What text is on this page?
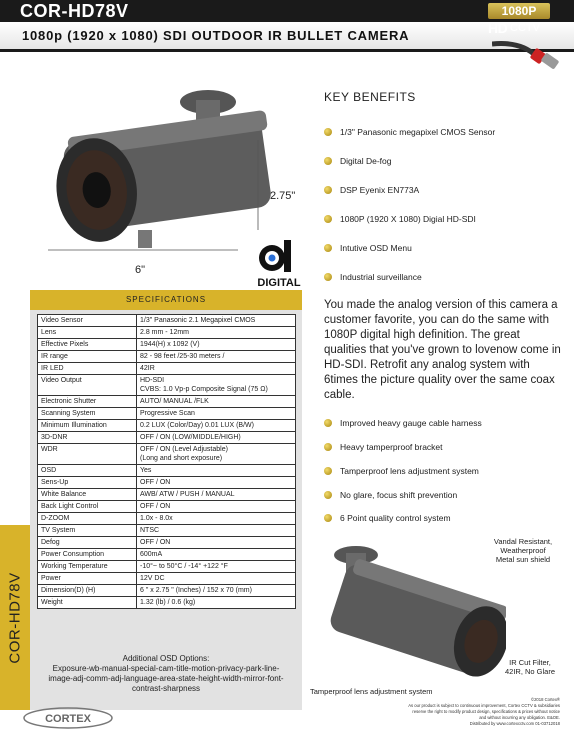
COR-HD78V
1080p (1920 x 1080) SDI OUTDOOR IR BULLET CAMERA
1080P
HD CCTV
2.75"
6"
DIGITAL
SPECIFICATIONS
Video Sensor	1/3" Panasonic 2.1 Megapixel CMOS
Lens	2.8 mm - 12mm
Effective Pixels	1944(H) x 1092 (V)
IR range	82 - 98 feet /25-30 meters /
IR LED	42IR
Video Output	HD-SDI
CVBS: 1.0 Vp-p Composite Signal (75 Ω)
Electronic Shutter	AUTO/ MANUAL /FLK
Scanning System	Progressive Scan
Minimum Illumination	0.2 LUX (Color/Day) 0.01 LUX (B/W)
3D-DNR	OFF / ON (LOW/MIDDLE/HIGH)
WDR	OFF / ON (Level Adjustable)
(Long and short exposure)
OSD	Yes
Sens-Up	OFF / ON
White Balance	AWB/ ATW / PUSH / MANUAL
Back Light Control	OFF / ON
D-ZOOM	1.0x - 8.0x
TV System	NTSC
Defog	OFF / ON
Power Consumption	600mA
Working Temperature	-10°~ to 50°C / -14° +122 °F
Power	12V DC
Dimension(D) (H)	6 " x 2.75 " (Inches) / 152 x 70 (mm)
Weight	1.32 (lb) / 0.6 (kg)
Additional OSD Options:
Exposure-wb-manual-special-cam-title-motion-privacy-park-line-image-adj-comm-adj-language-area-state-height-width-mirror-font-contrast-sharpness
COR-HD78V
KEY BENEFITS
1/3" Panasonic megapixel CMOS Sensor
Digital De-fog
DSP Eyenix EN773A
1080P (1920 X 1080) Digial HD-SDI
Intutive OSD Menu
Industrial surveillance
You made the analog version of this camera a customer favorite, you can do the same with 1080P digital high definition. The great qualities that you've grown to lovenow come in HD-SDI. Retrofit any analog system with 6times the picture quality over the same coax cable.
Improved heavy gauge cable harness
Heavy tamperproof bracket
Tamperproof lens adjustment system
No glare, focus shift prevention
6 Point quality control system
Vandal Resistant,
Weatherproof
Metal sun shield
IR Cut Filter,
42IR, No Glare
Tamperproof lens adjustment system
CORTEX
©2018 Cortex®
As our product is subject to continuous improvement, Cortex CCTV & subsidiaries
reserve the right to modify product design, specifications & prices without notice
and without incurring any obligation. E&OE.
Distributed by www.cortexcctv.com 01-03712018
